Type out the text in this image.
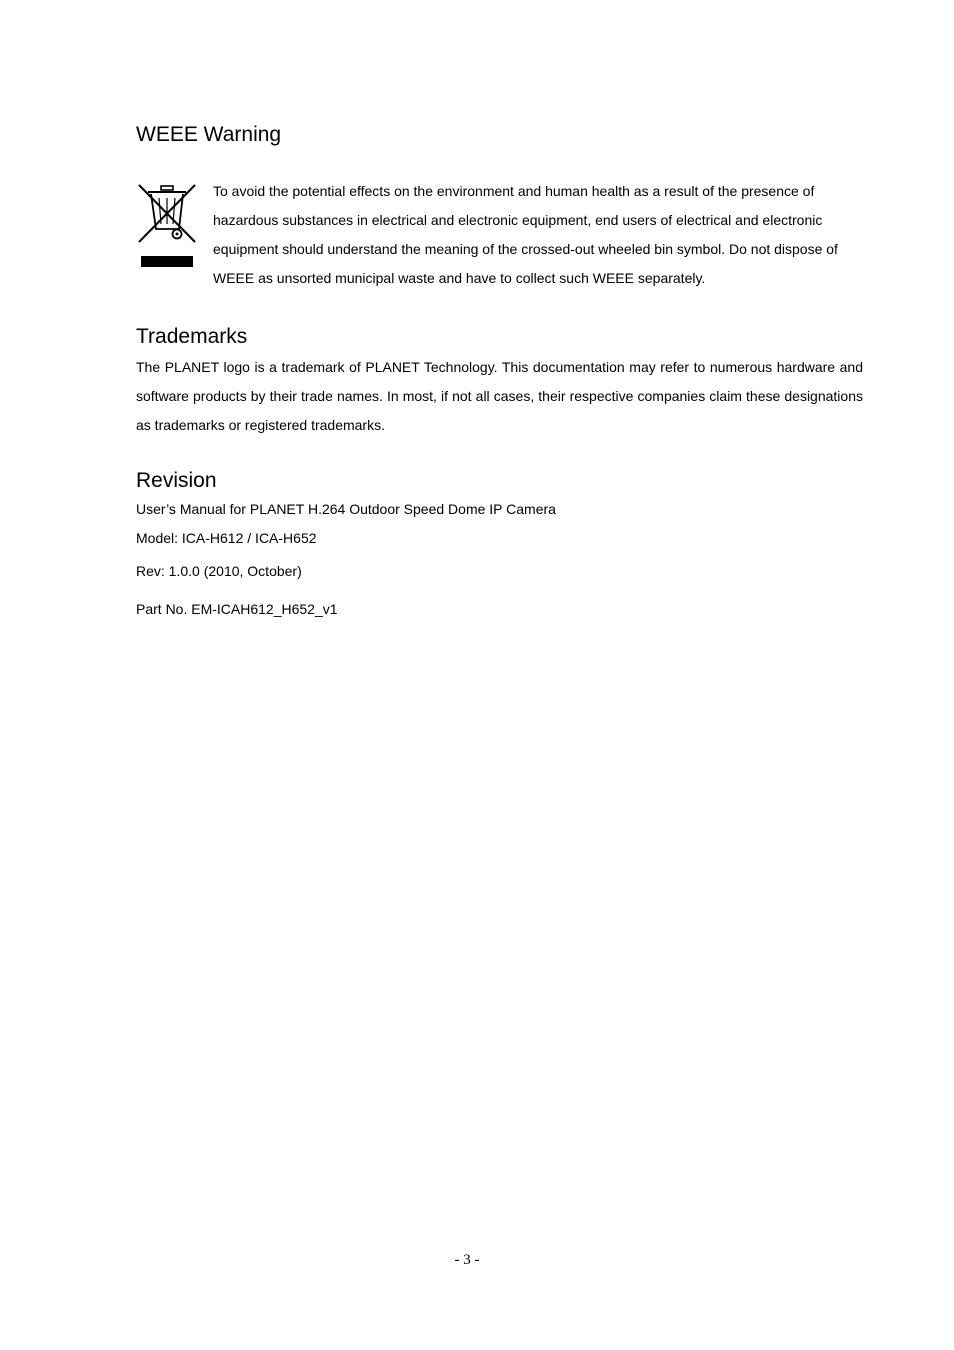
WEEE Warning

To avoid the potential effects on the environment and human health as a result of the presence of hazardous substances in electrical and electronic equipment, end users of electrical and electronic equipment should understand the meaning of the crossed-out wheeled bin symbol. Do not dispose of WEEE as unsorted municipal waste and have to collect such WEEE separately.

Trademarks

The PLANET logo is a trademark of PLANET Technology. This documentation may refer to numerous hardware and software products by their trade names. In most, if not all cases, their respective companies claim these designations as trademarks or registered trademarks.

Revision

User’s Manual for PLANET H.264 Outdoor Speed Dome IP Camera

Model: ICA-H612 / ICA-H652

Rev: 1.0.0 (2010, October)

Part No. EM-ICAH612_H652_v1

- 3 -
